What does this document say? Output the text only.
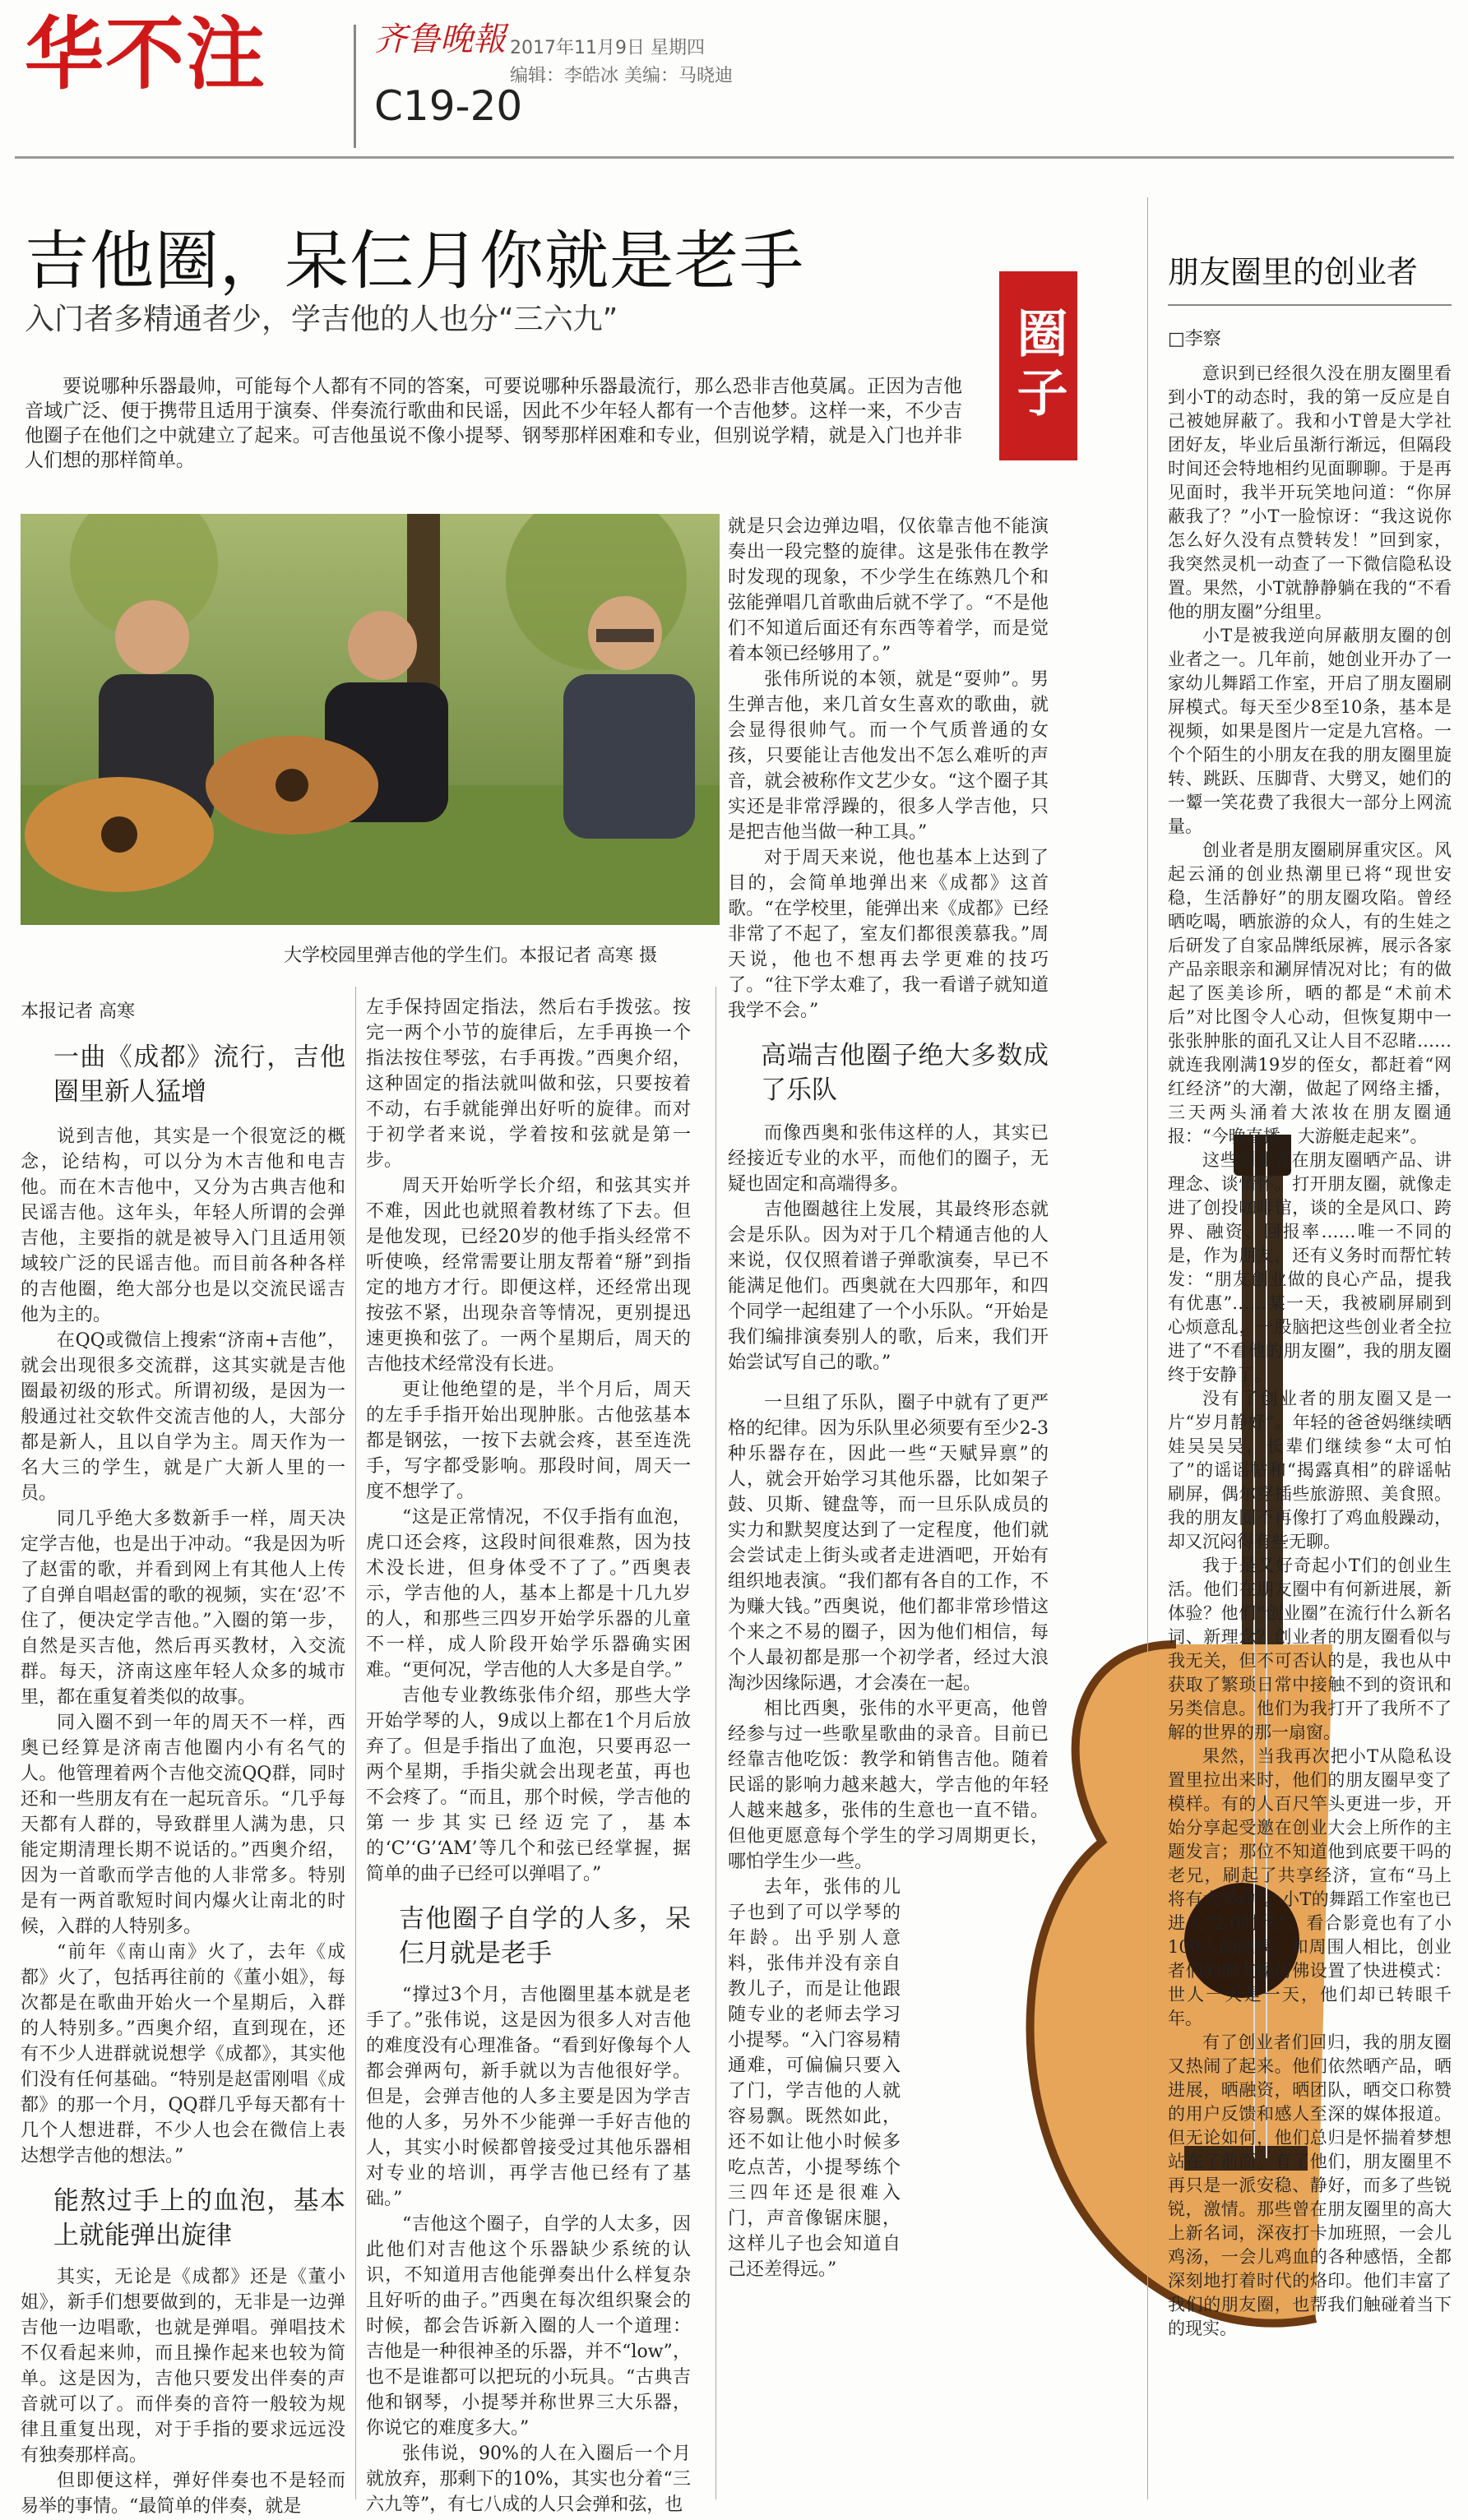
华不注	齐鲁晚報
C19-20
2017年11月9日 星期四
编辑：李皓冰 美编：马晓迪
吉他圈，呆仨月你就是老手
入门者多精通者少，学吉他的人也分“三六九”	圈子
要说哪种乐器最帅，可能每个人都有不同的答案，可要说哪种乐器最流行，那么恐非吉他莫属。正因为吉他音域广泛、便于携带且适用于演奏、伴奏流行歌曲和民谣，因此不少年轻人都有一个吉他梦。这样一来，不少吉他圈子在他们之中就建立了起来。可吉他虽说不像小提琴、钢琴那样困难和专业，但别说学精，就是入门也并非人们想的那样简单。
大学校园里弹吉他的学生们。本报记者 高寒 摄
本报记者 高寒
一曲《成都》流行，吉他圈里新人猛增

说到吉他，其实是一个很宽泛的概念，论结构，可以分为木吉他和电吉他。而在木吉他中，又分为古典吉他和民谣吉他。这年头，年轻人所谓的会弹吉他，主要指的就是被导入门且适用领域较广泛的民谣吉他。而目前各种各样的吉他圈，绝大部分也是以交流民谣吉他为主的。

在QQ或微信上搜索“济南+吉他”，就会出现很多交流群，这其实就是吉他圈最初级的形式。所谓初级，是因为一般通过社交软件交流吉他的人，大部分都是新人，且以自学为主。周天作为一名大三的学生，就是广大新人里的一员。

同几乎绝大多数新手一样，周天决定学吉他，也是出于冲动。“我是因为听了赵雷的歌，并看到网上有其他人上传了自弹自唱赵雷的歌的视频，实在‘忍’不住了，便决定学吉他。”入圈的第一步，自然是买吉他，然后再买教材，入交流群。每天，济南这座年轻人众多的城市里，都在重复着类似的故事。

同入圈不到一年的周天不一样，西奥已经算是济南吉他圈内小有名气的人。他管理着两个吉他交流QQ群，同时还和一些朋友有在一起玩音乐。“几乎每天都有人群的，导致群里人满为患，只能定期清理长期不说话的。”西奥介绍，因为一首歌而学吉他的人非常多。特别是有一两首歌短时间内爆火让南北的时候，入群的人特别多。

“前年《南山南》火了，去年《成都》火了，包括再往前的《董小姐》，每次都是在歌曲开始火一个星期后，入群的人特别多。”西奥介绍，直到现在，还有不少人进群就说想学《成都》，其实他们没有任何基础。“特别是赵雷刚唱《成都》的那一个月，QQ群几乎每天都有十几个人想进群，不少人也会在微信上表达想学吉他的想法。”

能熬过手上的血泡，基本上就能弹出旋律

其实，无论是《成都》还是《董小姐》，新手们想要做到的，无非是一边弹吉他一边唱歌，也就是弹唱。弹唱技术不仅看起来帅，而且操作起来也较为简单。这是因为，吉他只要发出伴奏的声音就可以了。而伴奏的音符一般较为规律且重复出现，对于手指的要求远远没有独奏那样高。

但即便这样，弹好伴奏也不是轻而易举的事情。“最简单的伴奏，就是

左手保持固定指法，然后右手拨弦。按完一两个小节的旋律后，左手再换一个指法按住琴弦，右手再拨。”西奥介绍，这种固定的指法就叫做和弦，只要按着不动，右手就能弹出好听的旋律。而对于初学者来说，学着按和弦就是第一步。

周天开始听学长介绍，和弦其实并不难，因此也就照着教材练了下去。但是他发现，已经20岁的他手指头经常不听使唤，经常需要让朋友帮着“掰”到指定的地方才行。即便这样，还经常出现按弦不紧，出现杂音等情况，更别提迅速更换和弦了。一两个星期后，周天的吉他技术经常没有长进。

更让他绝望的是，半个月后，周天的左手手指开始出现肿胀。古他弦基本都是钢弦，一按下去就会疼，甚至连洗手，写字都受影响。那段时间，周天一度不想学了。

“这是正常情况，不仅手指有血泡，虎口还会疼，这段时间很难熬，因为技术没长进，但身体受不了了。”西奥表示，学吉他的人，基本上都是十几九岁的人，和那些三四岁开始学乐器的儿童不一样，成人阶段开始学乐器确实困难。“更何况，学吉他的人大多是自学。”

吉他专业教练张伟介绍，那些大学开始学琴的人，9成以上都在1个月后放弃了。但是手指出了血泡，只要再忍一两个星期，手指尖就会出现老茧，再也不会疼了。“而且，那个时候，学吉他的第一步其实已经迈完了，基本的‘C’‘G’‘AM’等几个和弦已经掌握，据简单的曲子已经可以弹唱了。”

吉他圈子自学的人多，呆仨月就是老手

“撑过3个月，吉他圈里基本就是老手了。”张伟说，这是因为很多人对吉他的难度没有心理准备。“看到好像每个人都会弹两句，新手就以为吉他很好学。但是，会弹吉他的人多主要是因为学吉他的人多，另外不少能弹一手好吉他的人，其实小时候都曾接受过其他乐器相对专业的培训，再学吉他已经有了基础。”

“吉他这个圈子，自学的人太多，因此他们对吉他这个乐器缺少系统的认识，不知道用吉他能弹奏出什么样复杂且好听的曲子。”西奥在每次组织聚会的时候，都会告诉新入圈的人一个道理：吉他是一种很神圣的乐器，并不“low”，也不是谁都可以把玩的小玩具。“古典吉他和钢琴，小提琴并称世界三大乐器，你说它的难度多大。”

张伟说，90%的人在入圈后一个月就放弃，那剩下的10%，其实也分着“三六九等”，有七八成的人只会弹和弦，也

就是只会边弹边唱，仅依靠吉他不能演奏出一段完整的旋律。这是张伟在教学时发现的现象，不少学生在练熟几个和弦能弹唱几首歌曲后就不学了。“不是他们不知道后面还有东西等着学，而是觉着本领已经够用了。”

张伟所说的本领，就是“耍帅”。男生弹吉他，来几首女生喜欢的歌曲，就会显得很帅气。而一个气质普通的女孩，只要能让吉他发出不怎么难听的声音，就会被称作文艺少女。“这个圈子其实还是非常浮躁的，很多人学吉他，只是把吉他当做一种工具。”

对于周天来说，他也基本上达到了目的，会简单地弹出来《成都》这首歌。“在学校里，能弹出来《成都》已经非常了不起了，室友们都很羡慕我。”周天说，他也不想再去学更难的技巧了。“往下学太难了，我一看谱子就知道我学不会。”

高端吉他圈子绝大多数成了乐队

而像西奥和张伟这样的人，其实已经接近专业的水平，而他们的圈子，无疑也固定和高端得多。

吉他圈越往上发展，其最终形态就会是乐队。因为对于几个精通吉他的人来说，仅仅照着谱子弹歌演奏，早已不能满足他们。西奥就在大四那年，和四个同学一起组建了一个小乐队。“开始是我们编排演奏别人的歌，后来，我们开始尝试写自己的歌。”

一旦组了乐队，圈子中就有了更严格的纪律。因为乐队里必须要有至少2-3种乐器存在，因此一些“天赋异禀”的人，就会开始学习其他乐器，比如架子鼓、贝斯、键盘等，而一旦乐队成员的实力和默契度达到了一定程度，他们就会尝试走上街头或者走进酒吧，开始有组织地表演。“我们都有各自的工作，不为赚大钱。”西奥说，他们都非常珍惜这个来之不易的圈子，因为他们相信，每个人最初都是那一个初学者，经过大浪淘沙因缘际遇，才会凑在一起。

相比西奥，张伟的水平更高，他曾经参与过一些歌星歌曲的录音。目前已经靠吉他吃饭：教学和销售吉他。随着民谣的影响力越来越大，学吉他的年轻人越来越多，张伟的生意也一直不错。但他更愿意每个学生的学习周期更长，哪怕学生少一些。

去年，张伟的儿子也到了可以学琴的年龄。出乎别人意料，张伟并没有亲自教儿子，而是让他跟随专业的老师去学习小提琴。“入门容易精通难，可偏偏只要入了门，学吉他的人就容易飘。既然如此，还不如让他小时候多吃点苦，小提琴练个三四年还是很难入门，声音像锯床腿，这样儿子也会知道自己还差得远。”

朋友圈里的创业者
□李察

意识到已经很久没在朋友圈里看到小T的动态时，我的第一反应是自己被她屏蔽了。我和小T曾是大学社团好友，毕业后虽渐行渐远，但隔段时间还会特地相约见面聊聊。于是再见面时，我半开玩笑地问道：“你屏蔽我了？”小T一脸惊讶：“我这说你怎么好久没有点赞转发！”回到家，我突然灵机一动查了一下微信隐私设置。果然，小T就静静躺在我的“不看他的朋友圈”分组里。

小T是被我逆向屏蔽朋友圈的创业者之一。几年前，她创业开办了一家幼儿舞蹈工作室，开启了朋友圈刷屏模式。每天至少8至10条，基本是视频，如果是图片一定是九宫格。一个个陌生的小朋友在我的朋友圈里旋转、跳跃、压脚背、大劈叉，她们的一颦一笑花费了我很大一部分上网流量。

创业者是朋友圈刷屏重灾区。风起云涌的创业热潮里已将“现世安稳，生活静好”的朋友圈攻陷。曾经晒吃喝，晒旅游的众人，有的生娃之后研发了自家品牌纸尿裤，展示各家产品亲眼亲和涮屏情况对比；有的做起了医美诊所，晒的都是“术前术后”对比图令人心动，但恢复期中一张张肿胀的面孔又让人目不忍睹……就连我刚满19岁的侄女，都赶着“网红经济”的大潮，做起了网络主播，三天两头涌着大浓妆在朋友圈通报：“今晚直播，大游艇走起来”。

这些创业者在朋友圈晒产品、讲理念、谈情怀。打开朋友圈，就像走进了创投咖啡馆，谈的全是风口、跨界、融资、回报率……唯一不同的是，作为朋友，还有义务时而帮忙转发：“朋友创业做的良心产品，提我有优惠”……某一天，我被刷屏刷到心烦意乱，一股脑把这些创业者全拉进了“不看他的朋友圈”，我的朋友圈终于安静了。

没有了创业者的朋友圈又是一片“岁月静好”。年轻的爸爸妈继续晒娃吴吴吴，长辈们继续参“太可怕了”的谣谣帖和“揭露真相”的辟谣帖刷屏，偶尔穿插些旅游照、美食照。我的朋友圈不再像打了鸡血般躁动，却又沉闷得有些无聊。

我于是又好奇起小T们的创业生活。他们在朋友圈中有何新进展，新体验？他们“创业圈”在流行什么新名词、新理念？创业者的朋友圈看似与我无关，但不可否认的是，我也从中获取了繁琐日常中接触不到的资讯和另类信息。他们为我打开了我所不了解的世界的那一扇窗。

果然，当我再次把小T从隐私设置里拉出来时，他们的朋友圈早变了模样。有的人百尺竿头更进一步，开始分享起受邀在创业大会上所作的主题发言；那位不知道他到底要干吗的老兄，刷起了共享经济，宣布“马上将有大举动”。小T的舞蹈工作室也已进入“2.0时代”，看合影竟也有了小100人的规模。和周围人相比，创业者们的朋友圈仿佛设置了快进模式：世人一天是一天，他们却已转眼千年。

有了创业者们回归，我的朋友圈又热闹了起来。他们依然晒产品，晒进展，晒融资，晒团队，晒交口称赞的用户反馈和感人至深的媒体报道。但无论如何，他们总归是怀揣着梦想站在了前面。有了他们，朋友圈里不再只是一派安稳、静好，而多了些锐锐，激情。那些曾在朋友圈里的高大上新名词，深夜打卡加班照，一会儿鸡汤，一会儿鸡血的各种感悟，全都深刻地打着时代的烙印。他们丰富了我们的朋友圈，也帮我们触碰着当下的现实。
